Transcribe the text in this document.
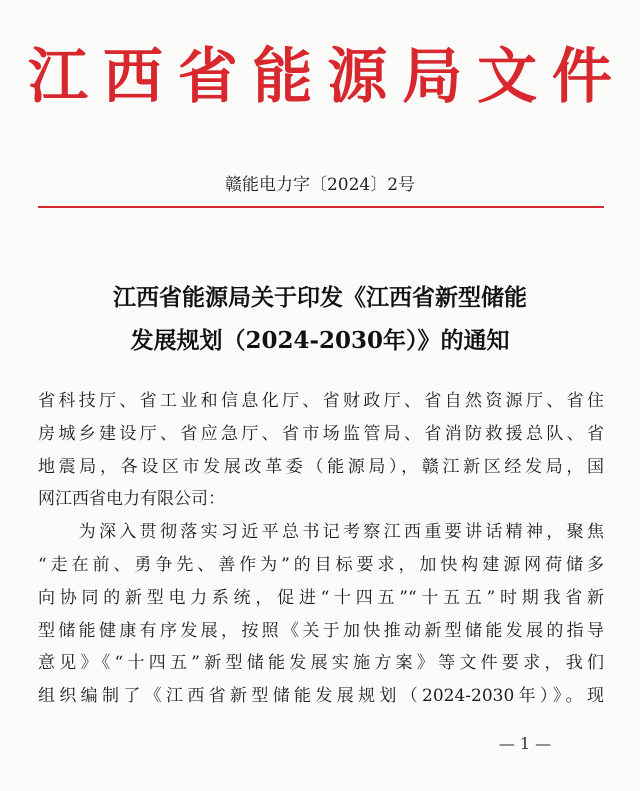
江 西 省 能 源 局 文 件
赣能电力字〔2024〕2号
江西省能源局关于印发《江西省新型储能
发展规划（2024-2030年）》的通知
省科技厅、省工业和信息化厅、省财政厅、省自然资源厅、省住
房城乡建设厅、省应急厅、省市场监管局、省消防救援总队、省
地震局，各设区市发展改革委（能源局），赣江新区经发局，国
网江西省电力有限公司：
　　为深入贯彻落实习近平总书记考察江西重要讲话精神，聚焦
“走在前、勇争先、善作为”的目标要求，加快构建源网荷储多
向协同的新型电力系统，促进“十四五”“十五五”时期我省新
型储能健康有序发展，按照《关于加快推动新型储能发展的指导
意见》《“十四五”新型储能发展实施方案》等文件要求，我们
组织编制了《江西省新型储能发展规划（2024-2030年）》。现
— 1 —
